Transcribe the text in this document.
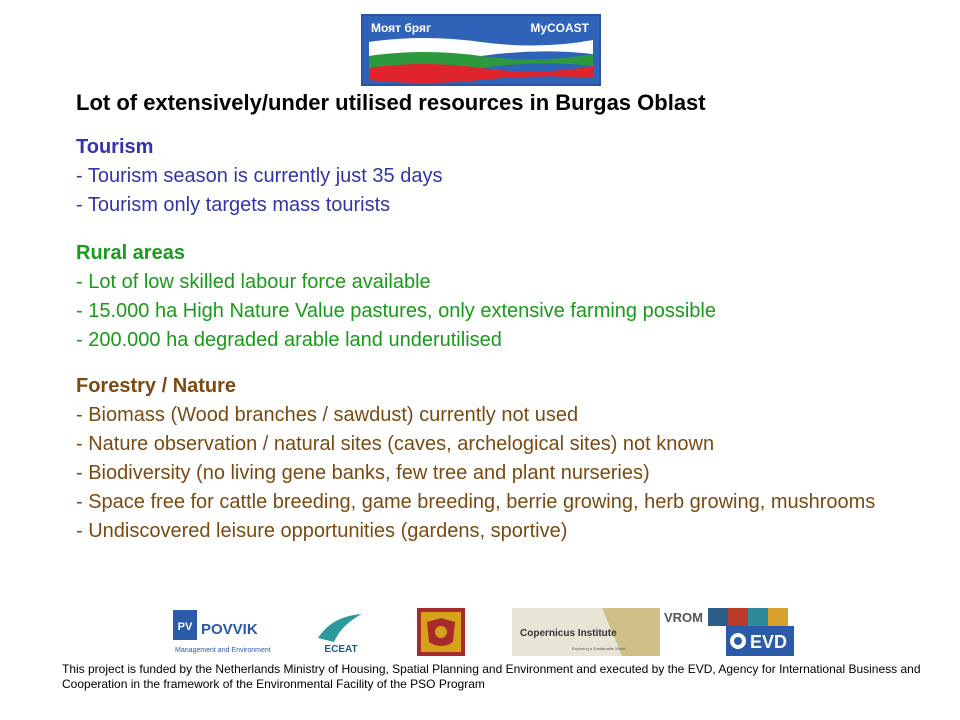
Моят бряг	MyCOAST
Lot of extensively/under utilised resources in Burgas Oblast
Tourism
- Tourism season is currently just 35 days
- Tourism only targets mass tourists
Rural areas
- Lot of low skilled labour force available
- 15.000 ha High Nature Value pastures, only extensive farming possible
- 200.000 ha degraded arable land underutilised
Forestry / Nature
- Biomass (Wood branches / sawdust) currently not used
- Nature observation / natural sites (caves, archelogical sites) not known
- Biodiversity (no living gene banks, few tree and plant nurseries)
- Space free for cattle breeding, game breeding, berrie growing, herb growing, mushrooms
- Undiscovered leisure opportunities (gardens, sportive)
PV POVVIK
Management and Environment	ECEAT
Copernicus Institute
Exploring a Sustainable World
VROM
EVD
This project is funded by the Netherlands Ministry of Housing, Spatial Planning and Environment and executed by the EVD, Agency for International Business and Cooperation in the framework of the Environmental Facility of the PSO Program
